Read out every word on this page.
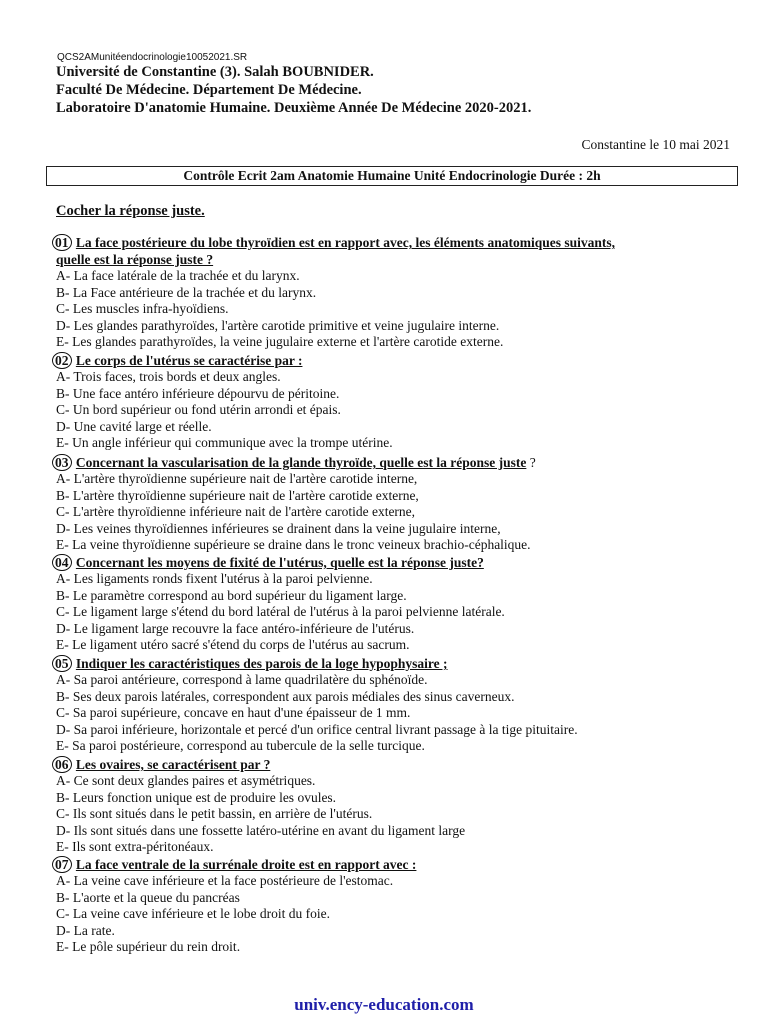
QCS2AMunitéendocrinologie10052021.SR
Université de Constantine (3). Salah BOUBNIDER.
Faculté De Médecine. Département De Médecine.
Laboratoire D'anatomie Humaine. Deuxième Année De Médecine 2020-2021.
Constantine le 10 mai 2021
Contrôle Ecrit 2am Anatomie Humaine Unité Endocrinologie Durée : 2h
Cocher la réponse juste.
01 La face postérieure du lobe thyroïdien est en rapport avec, les éléments anatomiques suivants,
quelle est la réponse juste ?
A- La face latérale de la trachée et du larynx.
B- La Face antérieure de la trachée et du larynx.
C- Les muscles infra-hyoïdiens.
D- Les glandes parathyroïdes, l'artère carotide primitive et veine jugulaire interne.
E- Les glandes parathyroïdes, la veine jugulaire externe et l'artère carotide externe.
02 Le corps de l'utérus se caractérise par :
A- Trois faces, trois bords et deux angles.
B- Une face antéro inférieure dépourvu de péritoine.
C- Un bord supérieur ou fond utérin arrondi et épais.
D- Une cavité large et réelle.
E- Un angle inférieur qui communique avec la trompe utérine.
03 Concernant la vascularisation de la glande thyroïde, quelle est la réponse juste ?
A- L'artère thyroïdienne supérieure nait de l'artère carotide interne,
B- L'artère thyroïdienne supérieure nait de l'artère carotide externe,
C- L'artère thyroïdienne inférieure nait de l'artère carotide externe,
D- Les veines thyroïdiennes inférieures se drainent dans la veine jugulaire interne,
E- La veine thyroïdienne supérieure se draine dans le tronc veineux brachio-céphalique.
04 Concernant les moyens de fixité de l'utérus, quelle est la réponse juste?
A- Les ligaments ronds fixent l'utérus à la paroi pelvienne.
B- Le paramètre correspond au bord supérieur du ligament large.
C- Le ligament large s'étend du bord latéral de l'utérus à la paroi pelvienne latérale.
D- Le ligament large recouvre la face antéro-inférieure de l'utérus.
E- Le ligament utéro sacré s'étend du corps de l'utérus au sacrum.
05 Indiquer les caractéristiques des parois de la loge hypophysaire ;
A- Sa paroi antérieure, correspond à lame quadrilatère du sphénoïde.
B- Ses deux parois latérales, correspondent aux parois médiales des sinus caverneux.
C- Sa paroi supérieure, concave en haut d'une épaisseur de 1 mm.
D- Sa paroi inférieure, horizontale et percé d'un orifice central livrant passage à la tige pituitaire.
E- Sa paroi postérieure, correspond au tubercule de la selle turcique.
06 Les ovaires, se caractérisent par ?
A- Ce sont deux glandes paires et asymétriques.
B- Leurs fonction unique est de produire les ovules.
C- Ils sont situés dans le petit bassin, en arrière de l'utérus.
D- Ils sont situés dans une fossette latéro-utérine en avant du ligament large
E- Ils sont extra-péritonéaux.
07 La face ventrale de la surrénale droite est en rapport avec :
A- La veine cave inférieure et la face postérieure de l'estomac.
B- L'aorte et la queue du pancréas
C- La veine cave inférieure et le lobe droit du foie.
D- La rate.
E- Le pôle supérieur du rein droit.
univ.ency-education.com
